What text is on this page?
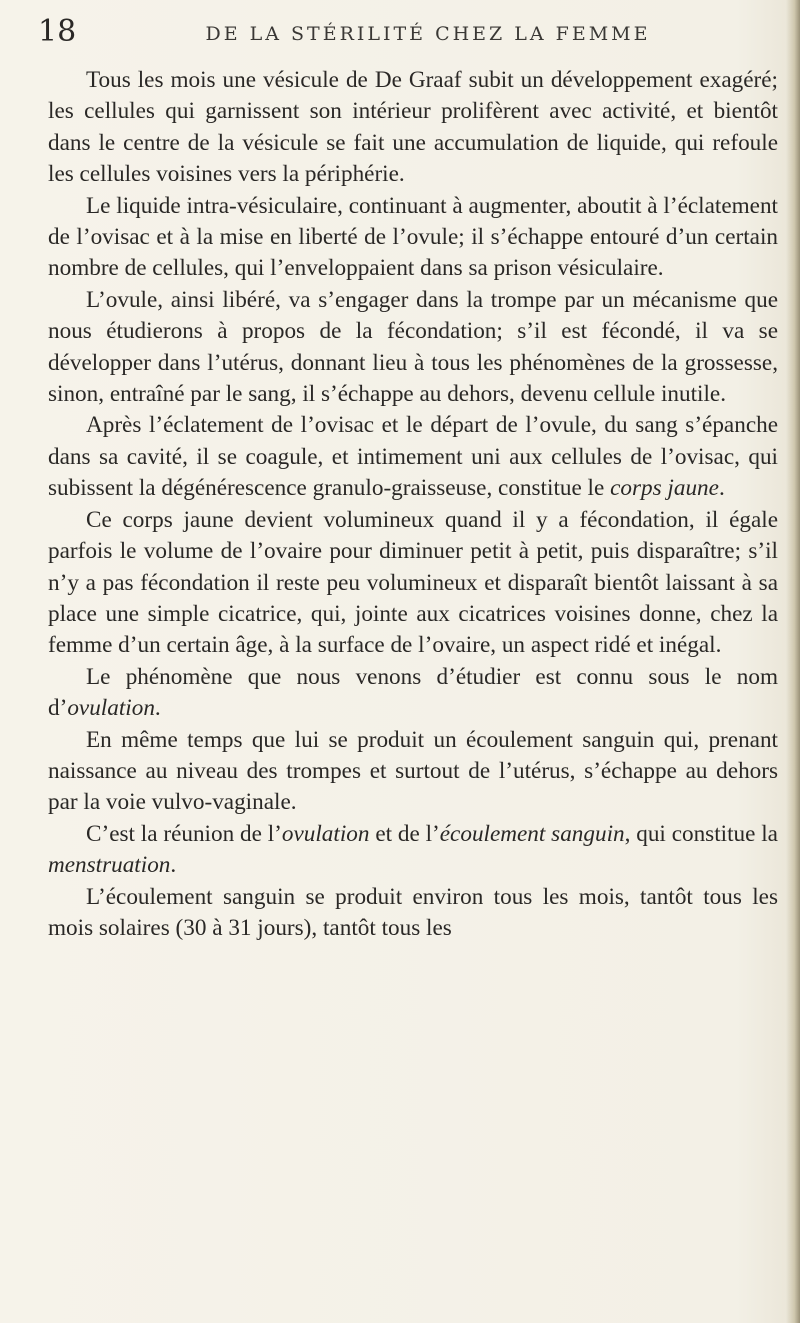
18	DE LA STÉRILITÉ CHEZ LA FEMME

Tous les mois une vésicule de De Graaf subit un développement exagéré; les cellules qui garnissent son intérieur prolifèrent avec activité, et bientôt dans le centre de la vésicule se fait une accumulation de liquide, qui refoule les cellules voisines vers la périphérie.

Le liquide intra-vésiculaire, continuant à augmenter, aboutit à l’éclatement de l’ovisac et à la mise en liberté de l’ovule; il s’échappe entouré d’un certain nombre de cellules, qui l’enveloppaient dans sa prison vésiculaire.

L’ovule, ainsi libéré, va s’engager dans la trompe par un mécanisme que nous étudierons à propos de la fécondation; s’il est fécondé, il va se développer dans l’utérus, donnant lieu à tous les phénomènes de la grossesse, sinon, entraîné par le sang, il s’échappe au dehors, devenu cellule inutile.

Après l’éclatement de l’ovisac et le départ de l’ovule, du sang s’épanche dans sa cavité, il se coagule, et intimement uni aux cellules de l’ovisac, qui subissent la dégénérescence granulo-graisseuse, constitue le corps jaune.

Ce corps jaune devient volumineux quand il y a fécondation, il égale parfois le volume de l’ovaire pour diminuer petit à petit, puis disparaître; s’il n’y a pas fécondation il reste peu volumineux et disparaît bientôt laissant à sa place une simple cicatrice, qui, jointe aux cicatrices voisines donne, chez la femme d’un certain âge, à la surface de l’ovaire, un aspect ridé et inégal.

Le phénomène que nous venons d’étudier est connu sous le nom d’ovulation.

En même temps que lui se produit un écoulement sanguin qui, prenant naissance au niveau des trompes et surtout de l’utérus, s’échappe au dehors par la voie vulvo-vaginale.

C’est la réunion de l’ovulation et de l’écoulement sanguin, qui constitue la menstruation.

L’écoulement sanguin se produit environ tous les mois, tantôt tous les mois solaires (30 à 31 jours), tantôt tous les
